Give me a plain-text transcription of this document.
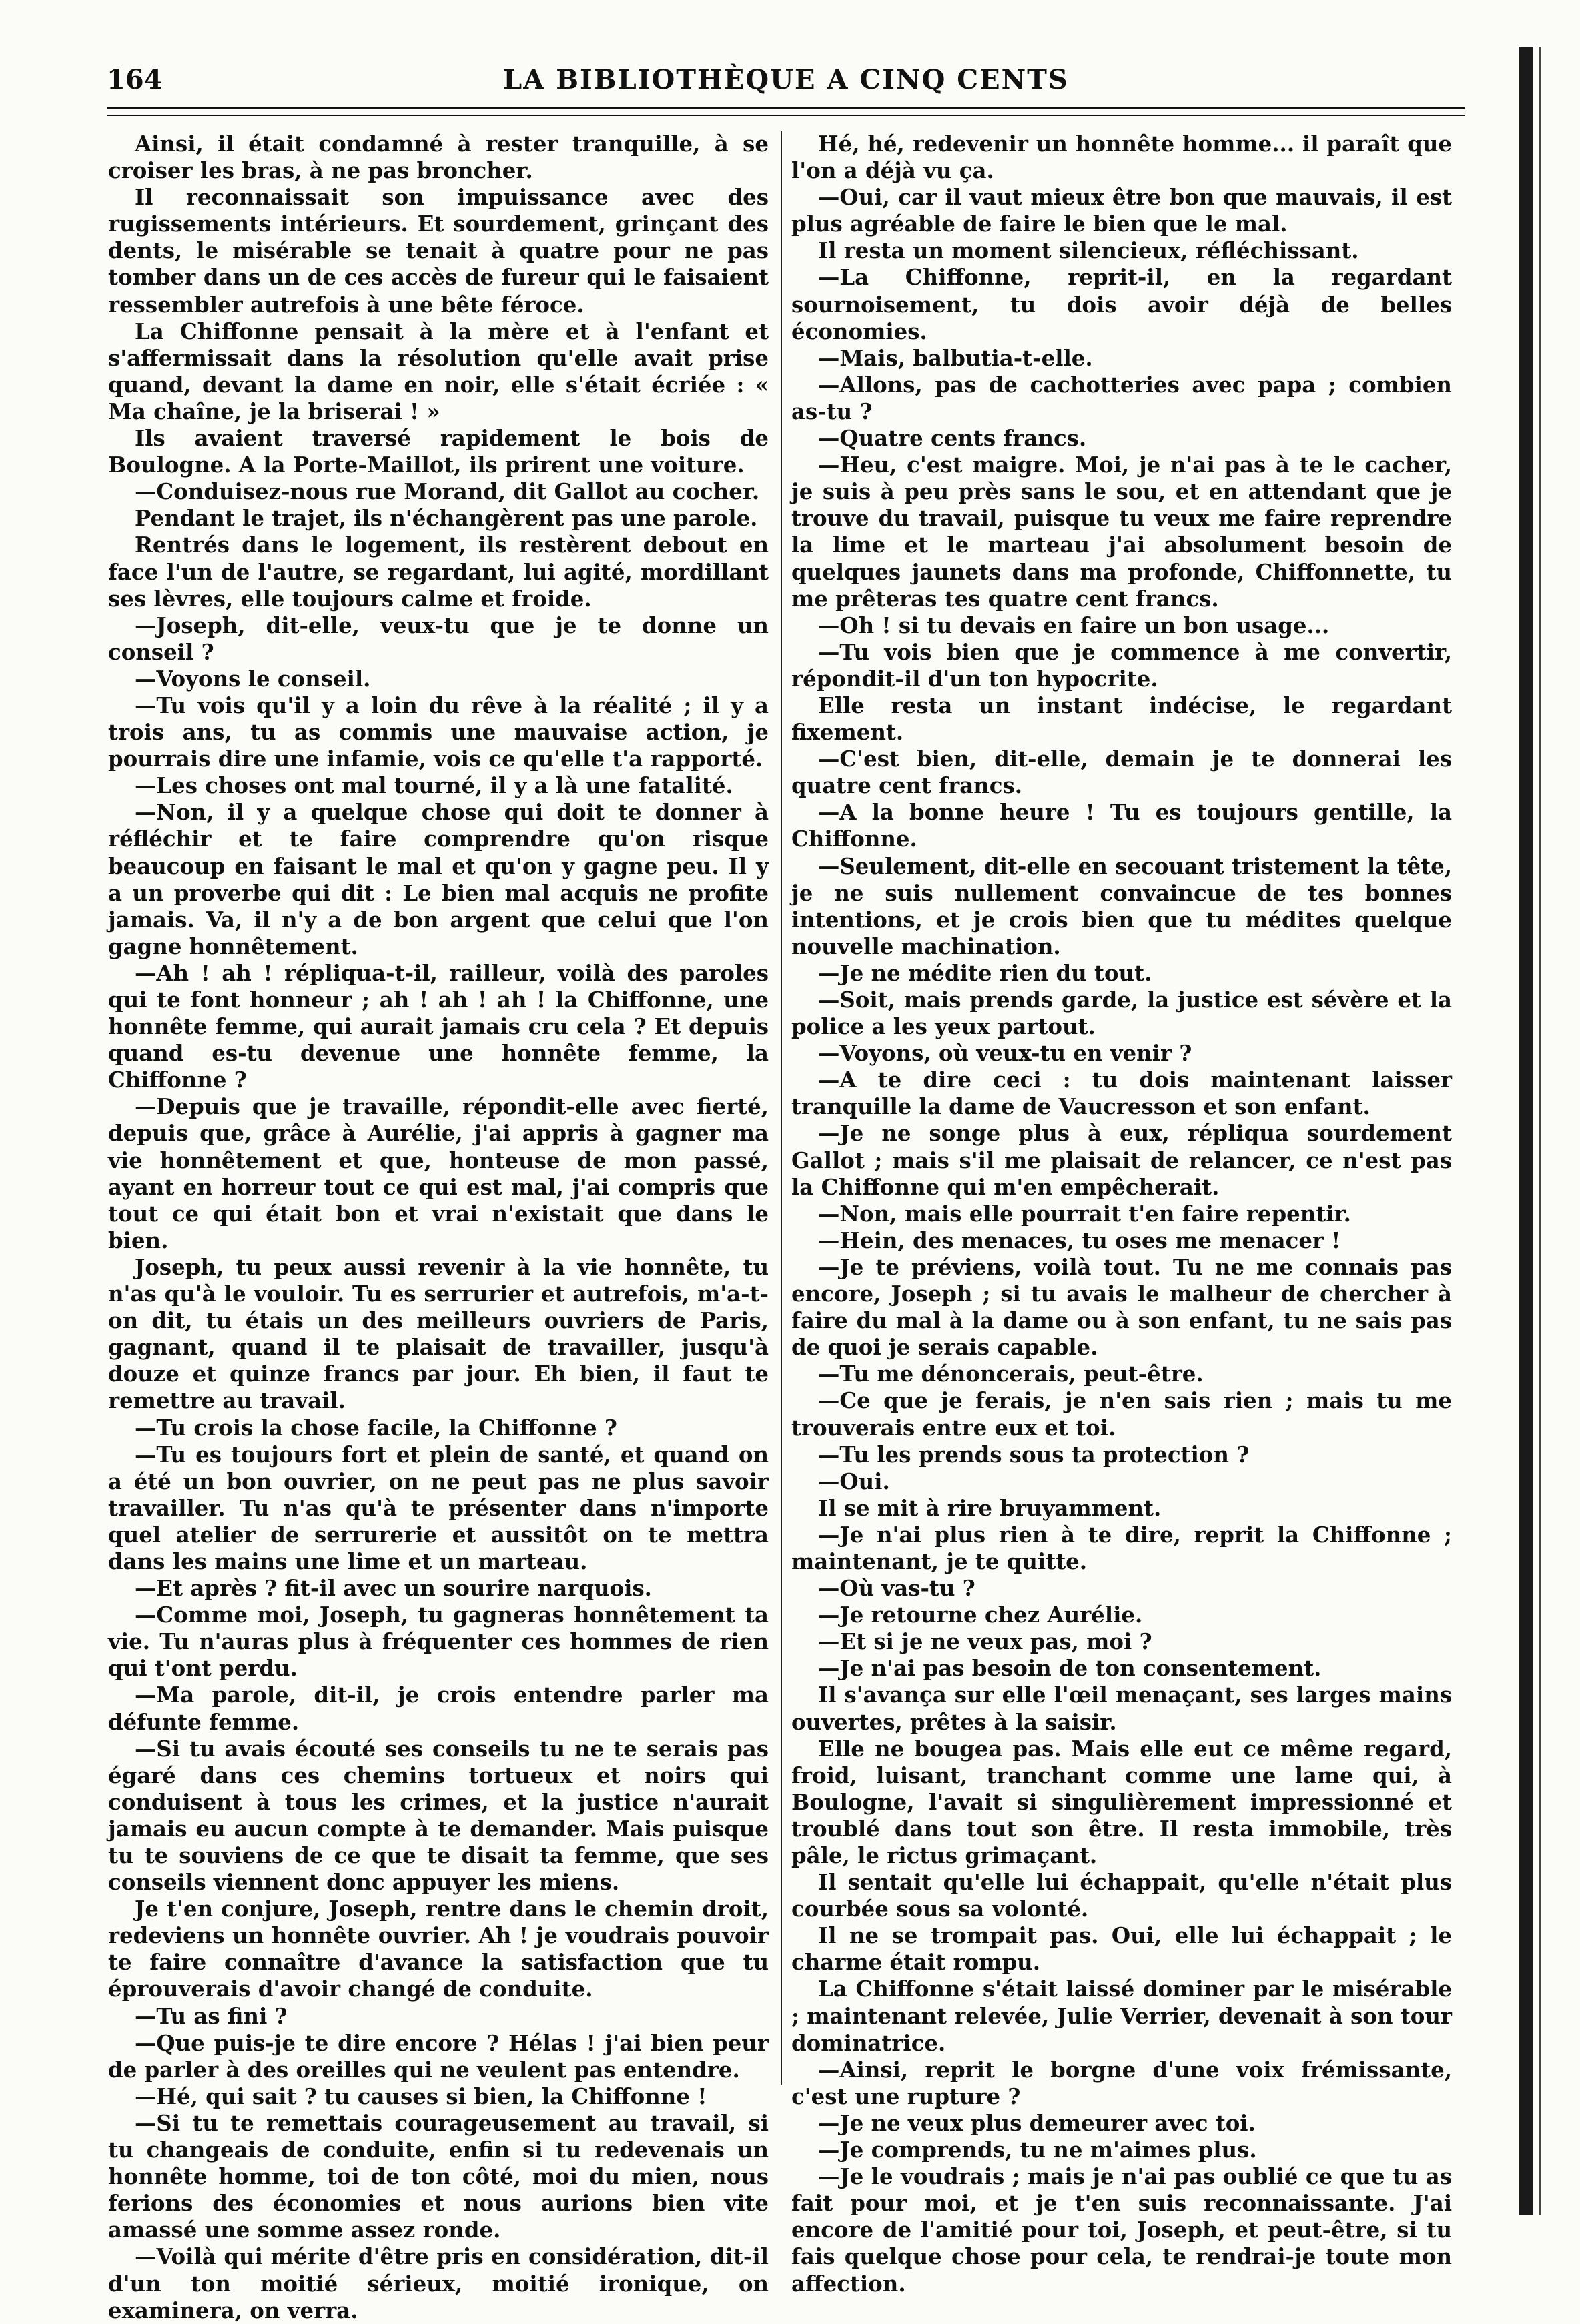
164	LA BIBLIOTHÈQUE A CINQ CENTS

Ainsi, il était condamné à rester tranquille, à se croiser les bras, à ne pas broncher.

Il reconnaissait son impuissance avec des rugissements intérieurs. Et sourdement, grinçant des dents, le misérable se tenait à quatre pour ne pas tomber dans un de ces accès de fureur qui le faisaient ressembler autrefois à une bête féroce.

La Chiffonne pensait à la mère et à l'enfant et s'affermissait dans la résolution qu'elle avait prise quand, devant la dame en noir, elle s'était écriée : « Ma chaîne, je la briserai ! »

Ils avaient traversé rapidement le bois de Boulogne. A la Porte-Maillot, ils prirent une voiture.

—Conduisez-nous rue Morand, dit Gallot au cocher.

Pendant le trajet, ils n'échangèrent pas une parole.

Rentrés dans le logement, ils restèrent debout en face l'un de l'autre, se regardant, lui agité, mordillant ses lèvres, elle toujours calme et froide.

—Joseph, dit-elle, veux-tu que je te donne un conseil ?

—Voyons le conseil.

—Tu vois qu'il y a loin du rêve à la réalité ; il y a trois ans, tu as commis une mauvaise action, je pourrais dire une infamie, vois ce qu'elle t'a rapporté.

—Les choses ont mal tourné, il y a là une fatalité.

—Non, il y a quelque chose qui doit te donner à réfléchir et te faire comprendre qu'on risque beaucoup en faisant le mal et qu'on y gagne peu. Il y a un proverbe qui dit : Le bien mal acquis ne profite jamais. Va, il n'y a de bon argent que celui que l'on gagne honnêtement.

—Ah ! ah ! répliqua-t-il, railleur, voilà des paroles qui te font honneur ; ah ! ah ! ah ! la Chiffonne, une honnête femme, qui aurait jamais cru cela ? Et depuis quand es-tu devenue une honnête femme, la Chiffonne ?

—Depuis que je travaille, répondit-elle avec fierté, depuis que, grâce à Aurélie, j'ai appris à gagner ma vie honnêtement et que, honteuse de mon passé, ayant en horreur tout ce qui est mal, j'ai compris que tout ce qui était bon et vrai n'existait que dans le bien.

Joseph, tu peux aussi revenir à la vie honnête, tu n'as qu'à le vouloir. Tu es serrurier et autrefois, m'a-t-on dit, tu étais un des meilleurs ouvriers de Paris, gagnant, quand il te plaisait de travailler, jusqu'à douze et quinze francs par jour. Eh bien, il faut te remettre au travail.

—Tu crois la chose facile, la Chiffonne ?

—Tu es toujours fort et plein de santé, et quand on a été un bon ouvrier, on ne peut pas ne plus savoir travailler. Tu n'as qu'à te présenter dans n'importe quel atelier de serrurerie et aussitôt on te mettra dans les mains une lime et un marteau.

—Et après ? fit-il avec un sourire narquois.

—Comme moi, Joseph, tu gagneras honnêtement ta vie. Tu n'auras plus à fréquenter ces hommes de rien qui t'ont perdu.

—Ma parole, dit-il, je crois entendre parler ma défunte femme.

—Si tu avais écouté ses conseils tu ne te serais pas égaré dans ces chemins tortueux et noirs qui conduisent à tous les crimes, et la justice n'aurait jamais eu aucun compte à te demander. Mais puisque tu te souviens de ce que te disait ta femme, que ses conseils viennent donc appuyer les miens.

Je t'en conjure, Joseph, rentre dans le chemin droit, redeviens un honnête ouvrier. Ah ! je voudrais pouvoir te faire connaître d'avance la satisfaction que tu éprouverais d'avoir changé de conduite.

—Tu as fini ?

—Que puis-je te dire encore ? Hélas ! j'ai bien peur de parler à des oreilles qui ne veulent pas entendre.

—Hé, qui sait ? tu causes si bien, la Chiffonne !

—Si tu te remettais courageusement au travail, si tu changeais de conduite, enfin si tu redevenais un honnête homme, toi de ton côté, moi du mien, nous ferions des économies et nous aurions bien vite amassé une somme assez ronde.

—Voilà qui mérite d'être pris en considération, dit-il d'un ton moitié sérieux, moitié ironique, on examinera, on verra.

Hé, hé, redevenir un honnête homme... il paraît que l'on a déjà vu ça.

—Oui, car il vaut mieux être bon que mauvais, il est plus agréable de faire le bien que le mal.

Il resta un moment silencieux, réfléchissant.

—La Chiffonne, reprit-il, en la regardant sournoisement, tu dois avoir déjà de belles économies.

—Mais, balbutia-t-elle.

—Allons, pas de cachotteries avec papa ; combien as-tu ?

—Quatre cents francs.

—Heu, c'est maigre. Moi, je n'ai pas à te le cacher, je suis à peu près sans le sou, et en attendant que je trouve du travail, puisque tu veux me faire reprendre la lime et le marteau j'ai absolument besoin de quelques jaunets dans ma profonde, Chiffonnette, tu me prêteras tes quatre cent francs.

—Oh ! si tu devais en faire un bon usage...

—Tu vois bien que je commence à me convertir, répondit-il d'un ton hypocrite.

Elle resta un instant indécise, le regardant fixement.

—C'est bien, dit-elle, demain je te donnerai les quatre cent francs.

—A la bonne heure ! Tu es toujours gentille, la Chiffonne.

—Seulement, dit-elle en secouant tristement la tête, je ne suis nullement convaincue de tes bonnes intentions, et je crois bien que tu médites quelque nouvelle machination.

—Je ne médite rien du tout.

—Soit, mais prends garde, la justice est sévère et la police a les yeux partout.

—Voyons, où veux-tu en venir ?

—A te dire ceci : tu dois maintenant laisser tranquille la dame de Vaucresson et son enfant.

—Je ne songe plus à eux, répliqua sourdement Gallot ; mais s'il me plaisait de relancer, ce n'est pas la Chiffonne qui m'en empêcherait.

—Non, mais elle pourrait t'en faire repentir.

—Hein, des menaces, tu oses me menacer !

—Je te préviens, voilà tout. Tu ne me connais pas encore, Joseph ; si tu avais le malheur de chercher à faire du mal à la dame ou à son enfant, tu ne sais pas de quoi je serais capable.

—Tu me dénoncerais, peut-être.

—Ce que je ferais, je n'en sais rien ; mais tu me trouverais entre eux et toi.

—Tu les prends sous ta protection ?

—Oui.

Il se mit à rire bruyamment.

—Je n'ai plus rien à te dire, reprit la Chiffonne ; maintenant, je te quitte.

—Où vas-tu ?

—Je retourne chez Aurélie.

—Et si je ne veux pas, moi ?

—Je n'ai pas besoin de ton consentement.

Il s'avança sur elle l'œil menaçant, ses larges mains ouvertes, prêtes à la saisir.

Elle ne bougea pas. Mais elle eut ce même regard, froid, luisant, tranchant comme une lame qui, à Boulogne, l'avait si singulièrement impressionné et troublé dans tout son être. Il resta immobile, très pâle, le rictus grimaçant.

Il sentait qu'elle lui échappait, qu'elle n'était plus courbée sous sa volonté.

Il ne se trompait pas. Oui, elle lui échappait ; le charme était rompu.

La Chiffonne s'était laissé dominer par le misérable ; maintenant relevée, Julie Verrier, devenait à son tour dominatrice.

—Ainsi, reprit le borgne d'une voix frémissante, c'est une rupture ?

—Je ne veux plus demeurer avec toi.

—Je comprends, tu ne m'aimes plus.

—Je le voudrais ; mais je n'ai pas oublié ce que tu as fait pour moi, et je t'en suis reconnaissante. J'ai encore de l'amitié pour toi, Joseph, et peut-être, si tu fais quelque chose pour cela, te rendrai-je toute mon affection.
